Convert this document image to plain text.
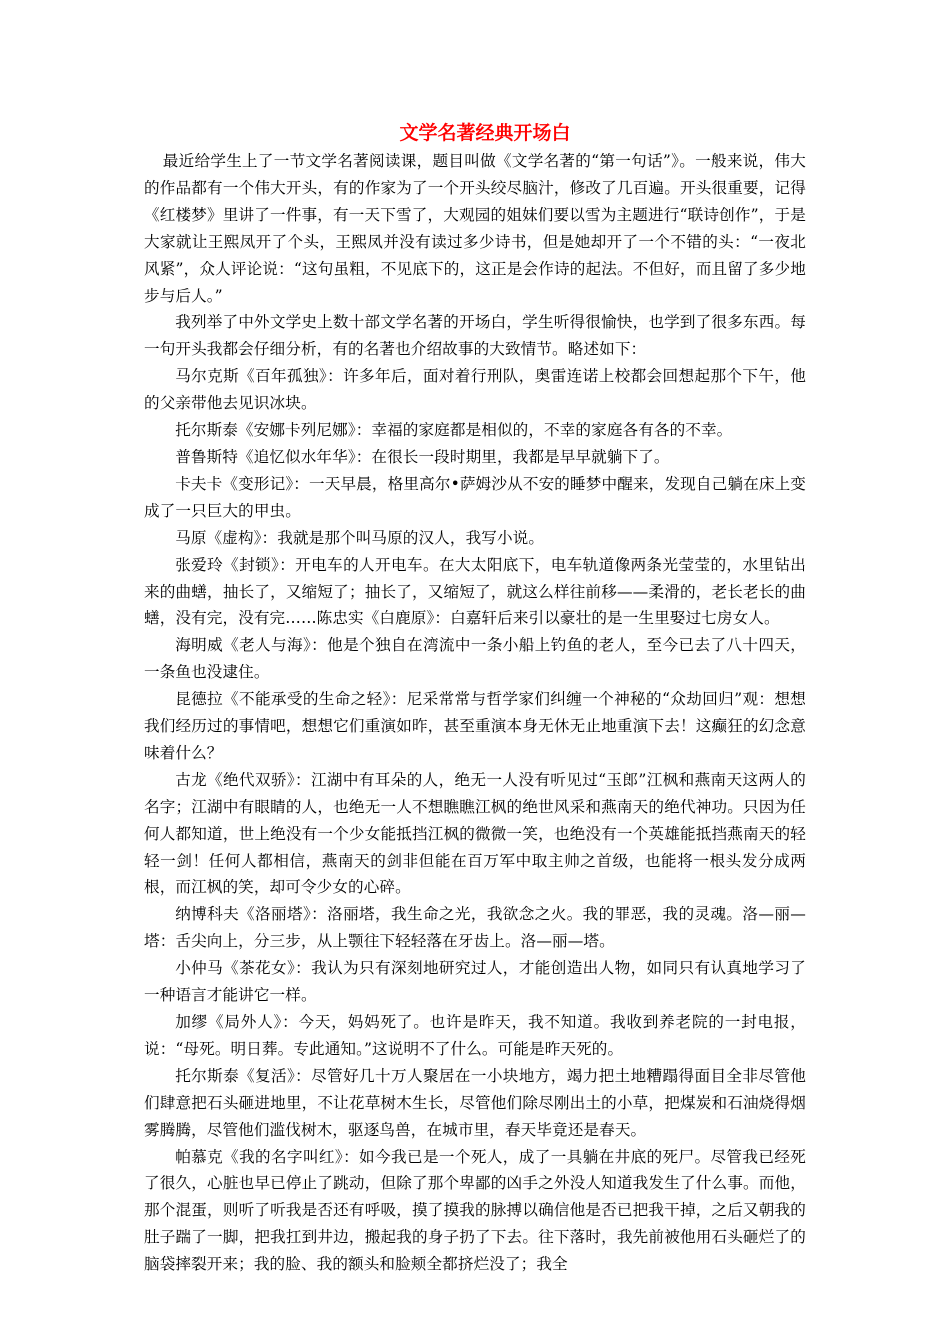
文学名著经典开场白

最近给学生上了一节文学名著阅读课，题目叫做《文学名著的“第一句话”》。一般来说，伟大的作品都有一个伟大开头，有的作家为了一个开头绞尽脑汁，修改了几百遍。开头很重要，记得《红楼梦》里讲了一件事，有一天下雪了，大观园的姐妹们要以雪为主题进行“联诗创作”，于是大家就让王熙凤开了个头，王熙凤并没有读过多少诗书，但是她却开了一个不错的头：“一夜北风紧”，众人评论说：“这句虽粗，不见底下的，这正是会作诗的起法。不但好，而且留了多少地步与后人。”

我列举了中外文学史上数十部文学名著的开场白，学生听得很愉快，也学到了很多东西。每一句开头我都会仔细分析，有的名著也介绍故事的大致情节。略述如下：

马尔克斯《百年孤独》：许多年后，面对着行刑队，奥雷连诺上校都会回想起那个下午，他的父亲带他去见识冰块。

托尔斯泰《安娜卡列尼娜》：幸福的家庭都是相似的，不幸的家庭各有各的不幸。

普鲁斯特《追忆似水年华》：在很长一段时期里，我都是早早就躺下了。

卡夫卡《变形记》：一天早晨，格里高尔•萨姆沙从不安的睡梦中醒来，发现自己躺在床上变成了一只巨大的甲虫。

马原《虚构》：我就是那个叫马原的汉人，我写小说。

张爱玲《封锁》：开电车的人开电车。在大太阳底下，电车轨道像两条光莹莹的，水里钻出来的曲蟮，抽长了，又缩短了；抽长了，又缩短了，就这么样往前移——柔滑的，老长老长的曲蟮，没有完，没有完……陈忠实《白鹿原》：白嘉轩后来引以豪壮的是一生里娶过七房女人。

海明威《老人与海》：他是个独自在湾流中一条小船上钓鱼的老人，至今已去了八十四天，一条鱼也没逮住。

昆德拉《不能承受的生命之轻》：尼采常常与哲学家们纠缠一个神秘的“众劫回归”观：想想我们经历过的事情吧，想想它们重演如昨，甚至重演本身无休无止地重演下去！这癫狂的幻念意味着什么？

古龙《绝代双骄》：江湖中有耳朵的人，绝无一人没有听见过“玉郎”江枫和燕南天这两人的名字；江湖中有眼睛的人，也绝无一人不想瞧瞧江枫的绝世风采和燕南天的绝代神功。只因为任何人都知道，世上绝没有一个少女能抵挡江枫的微微一笑，也绝没有一个英雄能抵挡燕南天的轻轻一剑！任何人都相信，燕南天的剑非但能在百万军中取主帅之首级，也能将一根头发分成两根，而江枫的笑，却可令少女的心碎。

纳博科夫《洛丽塔》：洛丽塔，我生命之光，我欲念之火。我的罪恶，我的灵魂。洛—丽—塔：舌尖向上，分三步，从上颚往下轻轻落在牙齿上。洛—丽—塔。

小仲马《茶花女》：我认为只有深刻地研究过人，才能创造出人物，如同只有认真地学习了一种语言才能讲它一样。

加缪《局外人》：今天，妈妈死了。也许是昨天，我不知道。我收到养老院的一封电报，说：“母死。明日葬。专此通知。”这说明不了什么。可能是昨天死的。

托尔斯泰《复活》：尽管好几十万人聚居在一小块地方，竭力把土地糟蹋得面目全非尽管他们肆意把石头砸进地里，不让花草树木生长，尽管他们除尽刚出土的小草，把煤炭和石油烧得烟雾腾腾，尽管他们滥伐树木，驱逐鸟兽，在城市里，春天毕竟还是春天。

帕慕克《我的名字叫红》：如今我已是一个死人，成了一具躺在井底的死尸。尽管我已经死了很久，心脏也早已停止了跳动，但除了那个卑鄙的凶手之外没人知道我发生了什么事。而他，那个混蛋，则听了听我是否还有呼吸，摸了摸我的脉搏以确信他是否已把我干掉，之后又朝我的肚子踹了一脚，把我扛到井边，搬起我的身子扔了下去。往下落时，我先前被他用石头砸烂了的脑袋摔裂开来；我的脸、我的额头和脸颊全都挤烂没了；我全
